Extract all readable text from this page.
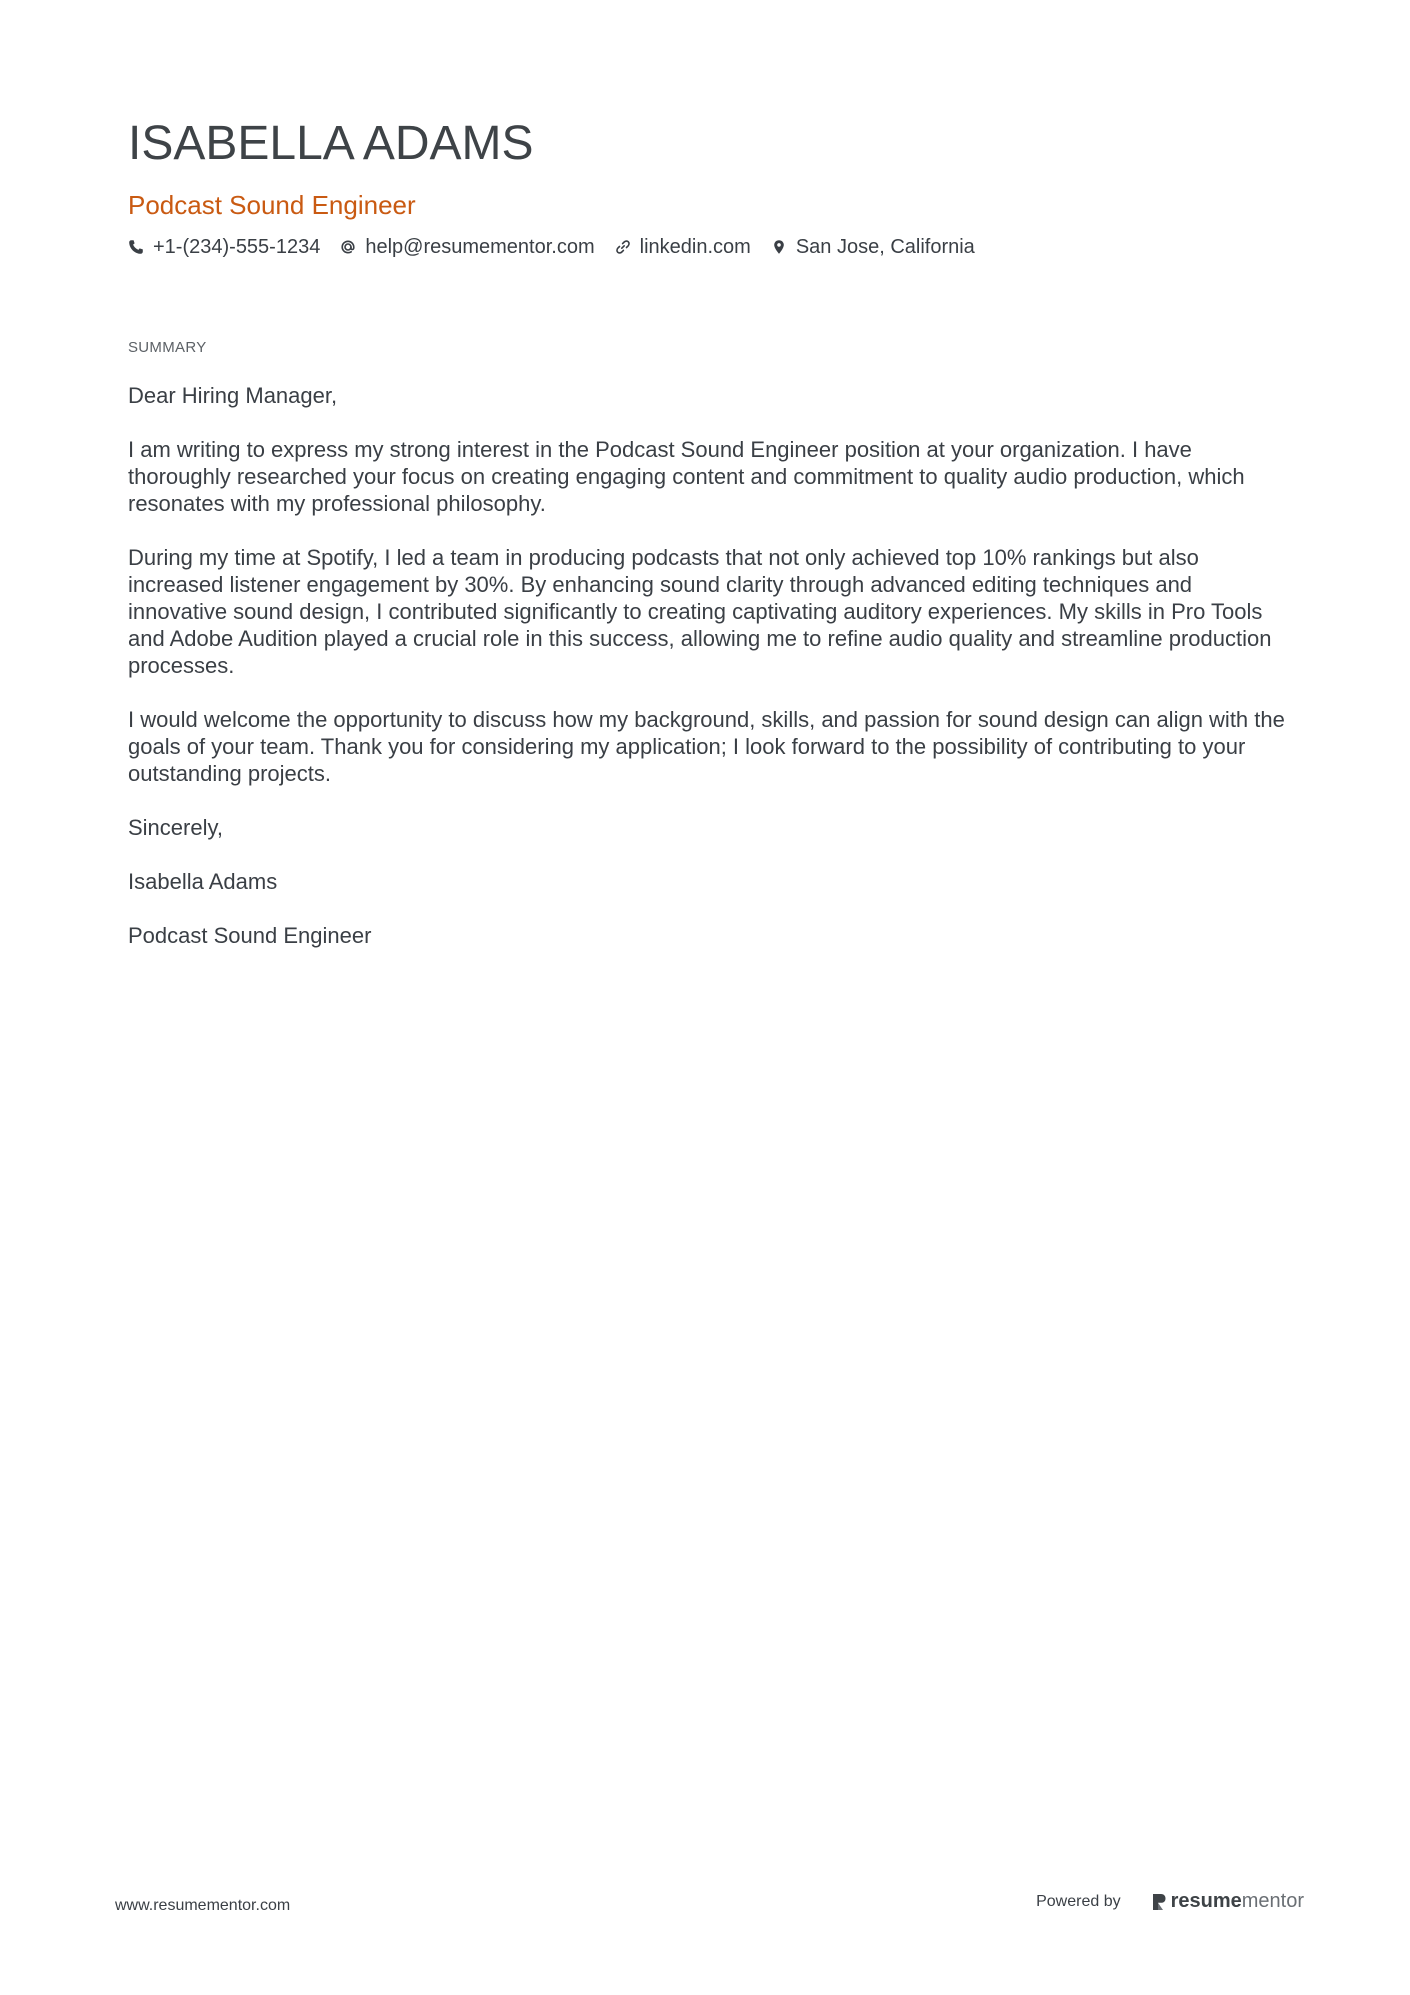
ISABELLA ADAMS
Podcast Sound Engineer
+1-(234)-555-1234 help@resumementor.com linkedin.com San Jose, California
SUMMARY

Dear Hiring Manager,

I am writing to express my strong interest in the Podcast Sound Engineer position at your organization. I have thoroughly researched your focus on creating engaging content and commitment to quality audio production, which resonates with my professional philosophy.

During my time at Spotify, I led a team in producing podcasts that not only achieved top 10% rankings but also increased listener engagement by 30%. By enhancing sound clarity through advanced editing techniques and innovative sound design, I contributed significantly to creating captivating auditory experiences. My skills in Pro Tools and Adobe Audition played a crucial role in this success, allowing me to refine audio quality and streamline production processes.

I would welcome the opportunity to discuss how my background, skills, and passion for sound design can align with the goals of your team. Thank you for considering my application; I look forward to the possibility of contributing to your outstanding projects.

Sincerely,

Isabella Adams

Podcast Sound Engineer

www.resumementor.com	Powered by	resume mentor
